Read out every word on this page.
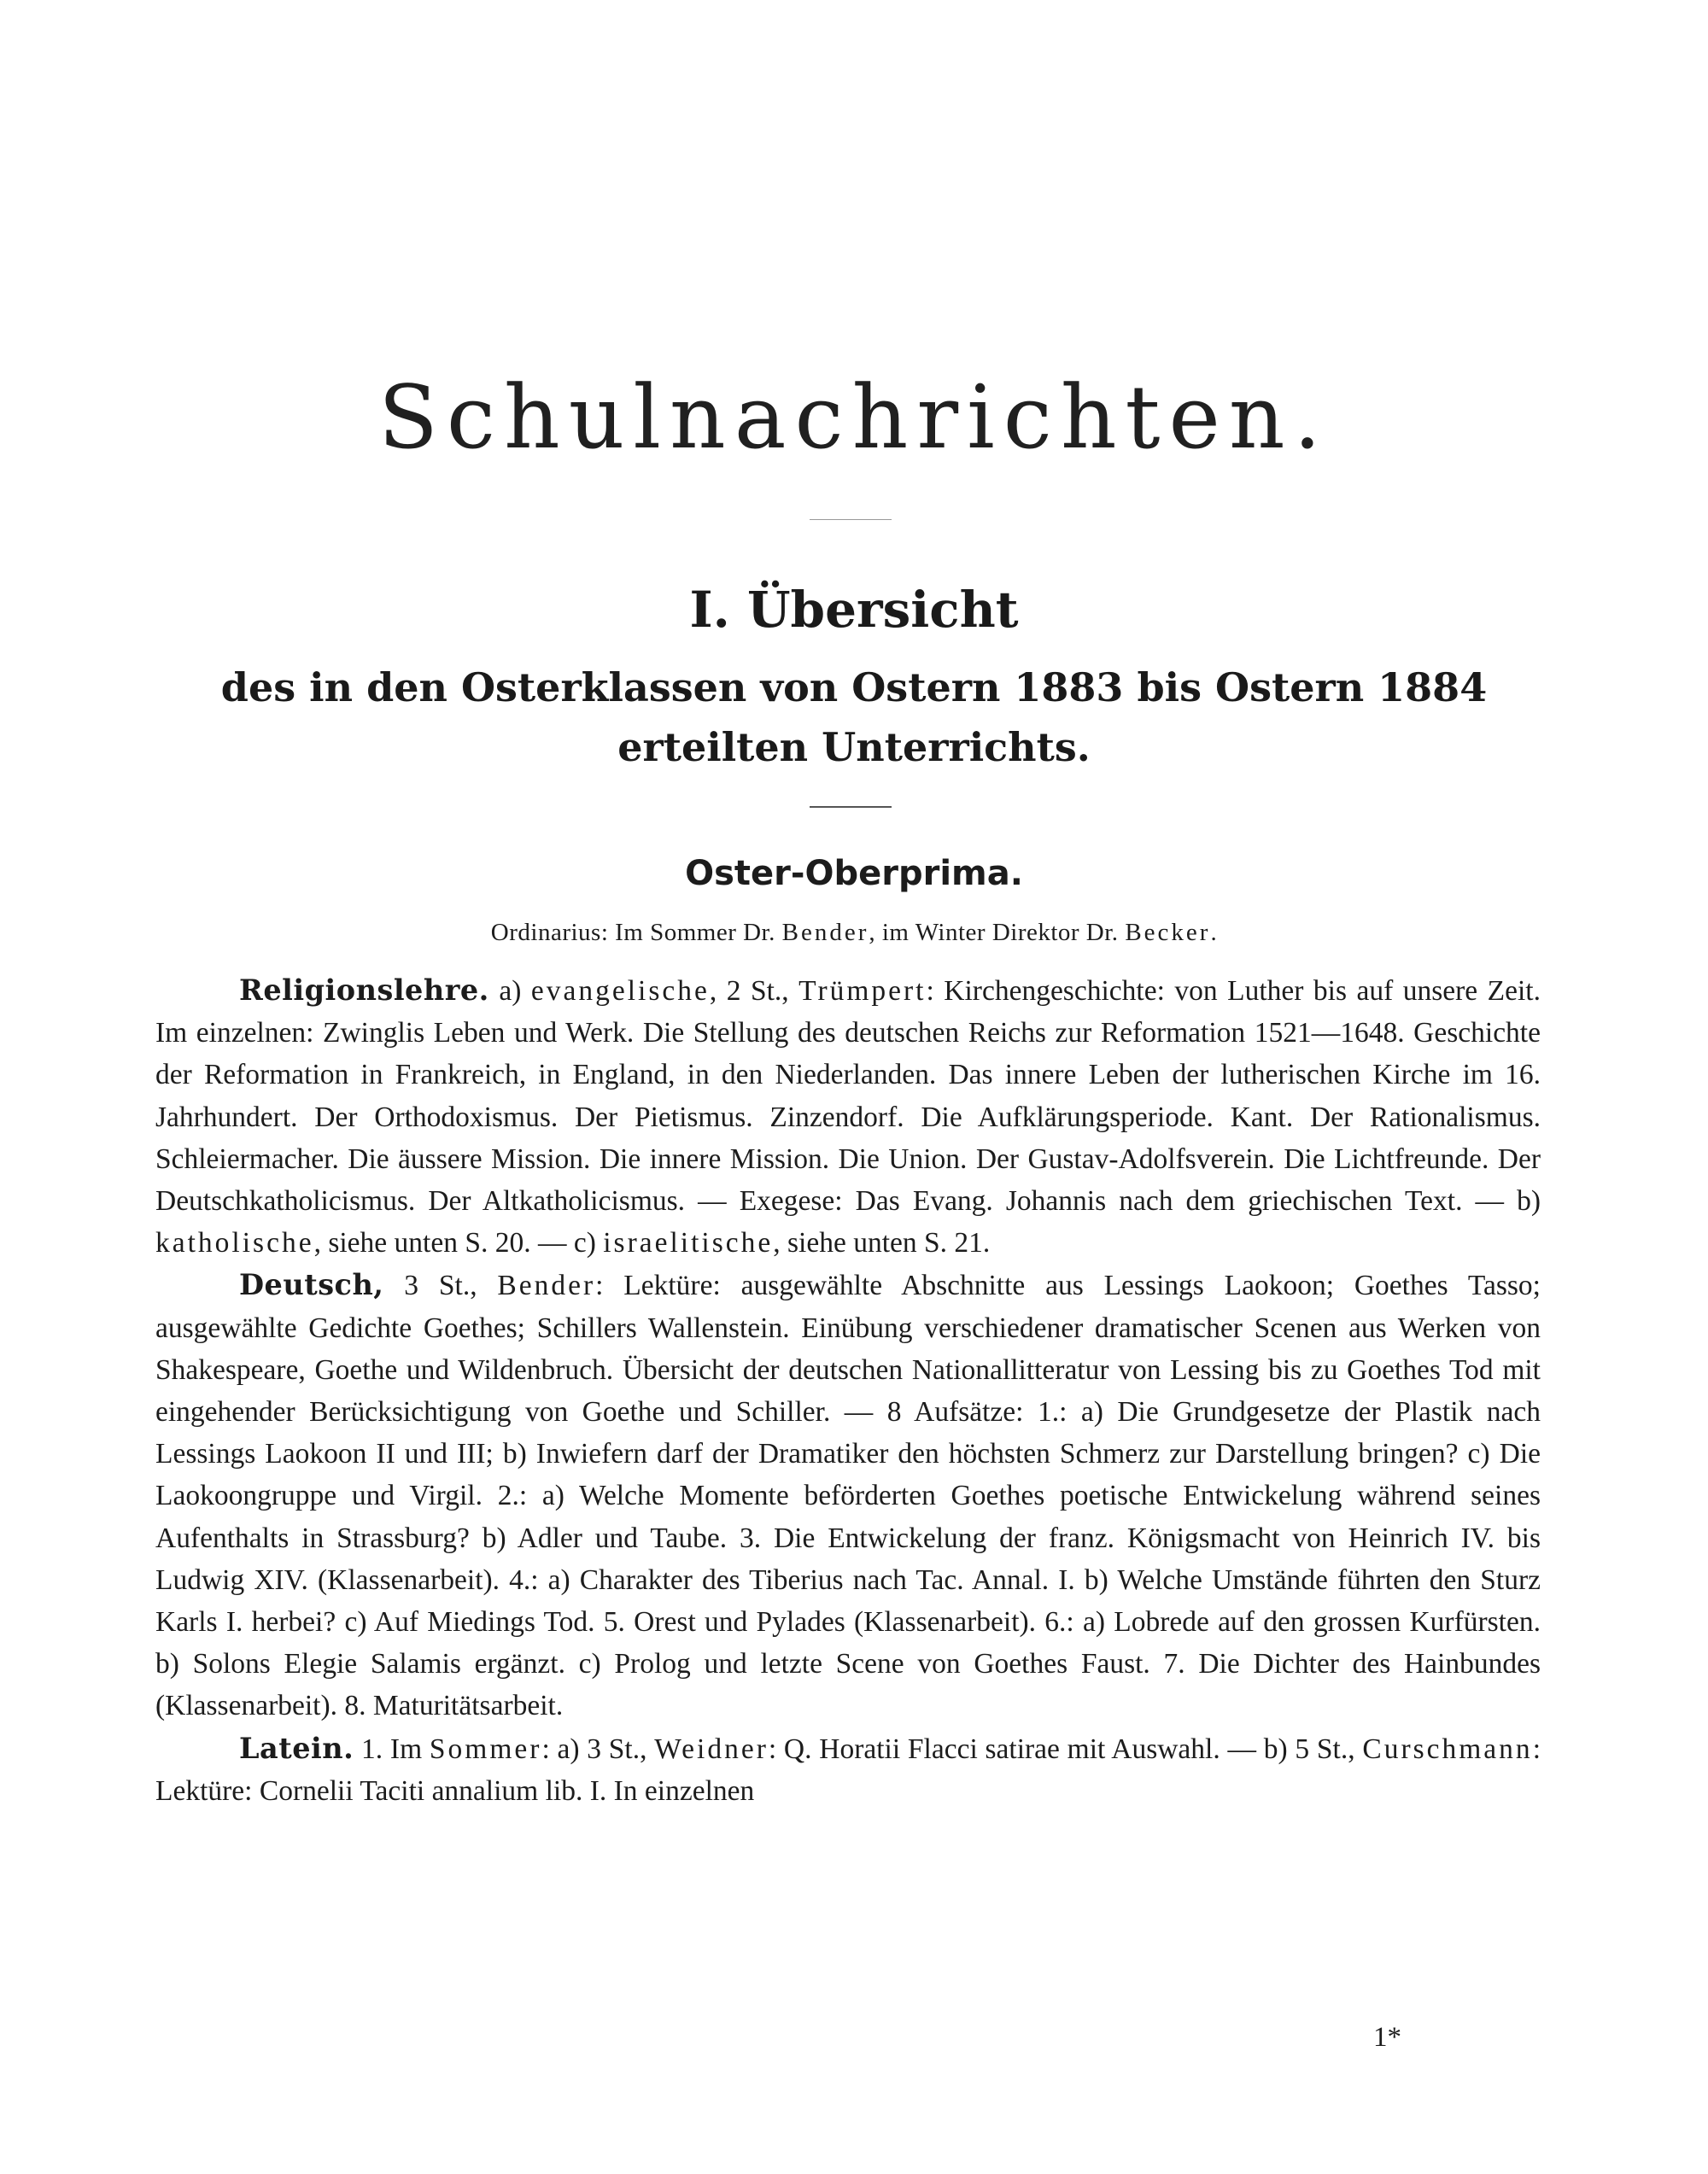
Schulnachrichten.
I. Übersicht
des in den Osterklassen von Ostern 1883 bis Ostern 1884
erteilten Unterrichts.
Oster-Oberprima.

Ordinarius: Im Sommer Dr. Bender, im Winter Direktor Dr. Becker.

Religionslehre. a) evangelische, 2 St., Trümpert: Kirchengeschichte: von Luther bis auf unsere Zeit. Im einzelnen: Zwinglis Leben und Werk. Die Stellung des deutschen Reichs zur Reformation 1521—1648. Geschichte der Reformation in Frankreich, in England, in den Niederlanden. Das innere Leben der lutherischen Kirche im 16. Jahrhundert. Der Orthodoxismus. Der Pietismus. Zinzendorf. Die Aufklärungsperiode. Kant. Der Rationalismus. Schleiermacher. Die äussere Mission. Die innere Mission. Die Union. Der Gustav-Adolfsverein. Die Lichtfreunde. Der Deutschkatholicismus. Der Altkatholicismus. — Exegese: Das Evang. Johannis nach dem griechischen Text. — b) katholische, siehe unten S. 20. — c) israelitische, siehe unten S. 21.

Deutsch, 3 St., Bender: Lektüre: ausgewählte Abschnitte aus Lessings Laokoon; Goethes Tasso; ausgewählte Gedichte Goethes; Schillers Wallenstein. Einübung verschiedener dramatischer Scenen aus Werken von Shakespeare, Goethe und Wildenbruch. Übersicht der deutschen Nationallitteratur von Lessing bis zu Goethes Tod mit eingehender Berücksichtigung von Goethe und Schiller. — 8 Aufsätze: 1.: a) Die Grundgesetze der Plastik nach Lessings Laokoon II und III; b) Inwiefern darf der Dramatiker den höchsten Schmerz zur Darstellung bringen? c) Die Laokoongruppe und Virgil. 2.: a) Welche Momente beförderten Goethes poetische Entwickelung während seines Aufenthalts in Strassburg? b) Adler und Taube. 3. Die Entwickelung der franz. Königsmacht von Heinrich IV. bis Ludwig XIV. (Klassenarbeit). 4.: a) Charakter des Tiberius nach Tac. Annal. I. b) Welche Umstände führten den Sturz Karls I. herbei? c) Auf Miedings Tod. 5. Orest und Pylades (Klassenarbeit). 6.: a) Lobrede auf den grossen Kurfürsten. b) Solons Elegie Salamis ergänzt. c) Prolog und letzte Scene von Goethes Faust. 7. Die Dichter des Hainbundes (Klassenarbeit). 8. Maturitätsarbeit.

Latein. 1. Im Sommer: a) 3 St., Weidner: Q. Horatii Flacci satirae mit Auswahl. — b) 5 St., Curschmann: Lektüre: Cornelii Taciti annalium lib. I. In einzelnen

1*
